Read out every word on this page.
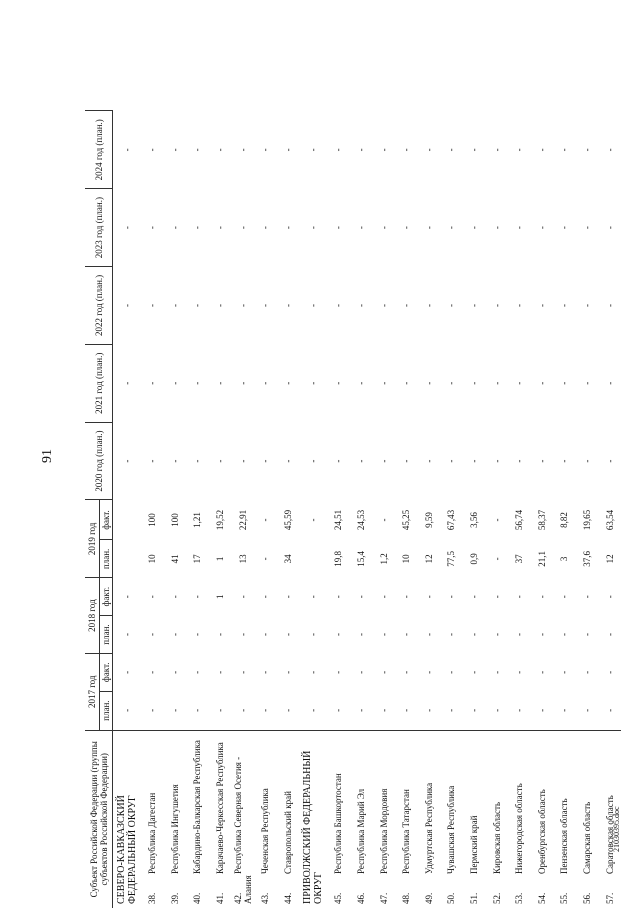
91
21030395.doc
Субъект Российской Федерации (группы субъектов Российской Федерации)	2017 год		2018 год		2019 год		2020 год (план.)	2021 год (план.)	2022 год (план.)	2023 год (план.)	2024 год (план.)
	план.	факт.	план.	факт.	план.	факт.					
СЕВЕРО-КАВКАЗСКИЙ ФЕДЕРАЛЬНЫЙ ОКРУГ	-	-	-	-			-	-	-	-	-
38.Республика Дагестан	-	-	-	-	10	100	-	-	-	-	-
39.Республика Ингушетия	-	-	-	-	41	100	-	-	-	-	-
40.Кабардино-Балкарская Республика	-	-	-	-	17	1,21	-	-	-	-	-
41.Карачаево-Черкесская Республика	-	-	-	1	1	19,52	-	-	-	-	-
42.Республика Северная Осетия - Алания	-	-	-	-	13	22,91	-	-	-	-	-
43.Чеченская Республика	-	-	-	-	-	-	-	-	-	-	-
44.Ставропольский край	-	-	-	-	34	45,59	-	-	-	-	-
ПРИВОЛЖСКИЙ ФЕДЕРАЛЬНЫЙ ОКРУГ	-	-	-	-		-	-	-	-	-	-
45.Республика Башкортостан	-	-	-	-	19,8	24,51	-	-	-	-	-
46.Республика Марий Эл	-	-	-	-	15,4	24,53	-	-	-	-	-
47.Республика Мордовия	-	-	-	-	1,2	-	-	-	-	-	-
48.Республика Татарстан	-	-	-	-	10	45,25	-	-	-	-	-
49.Удмуртская Республика	-	-	-	-	12	9,59	-	-	-	-	-
50.Чувашская Республика	-	-	-	-	77,5	67,43	-	-	-	-	-
51.Пермский край	-	-	-	-	0,9	3,56	-	-	-	-	-
52.Кировская область	-	-	-	-	-	-	-	-	-	-	-
53.Нижегородская область	-	-	-	-	37	56,74	-	-	-	-	-
54.Оренбургская область	-	-	-	-	21,1	58,37	-	-	-	-	-
55.Пензенская область	-	-	-	-	3	8,82	-	-	-	-	-
56.Самарская область	-	-	-	-	37,6	19,65	-	-	-	-	-
57.Саратовская область	-	-	-	-	12	63,54	-	-	-	-	-
